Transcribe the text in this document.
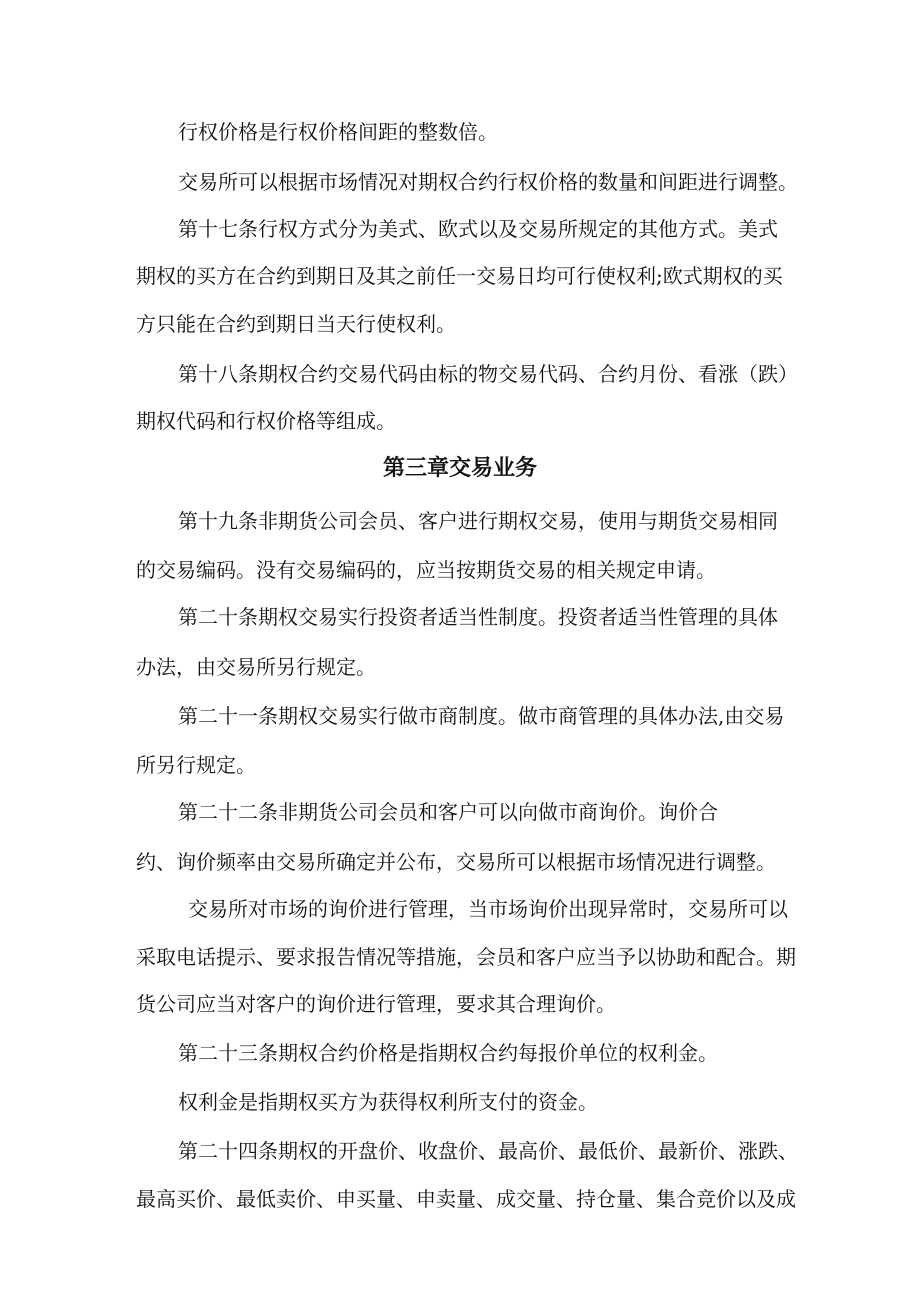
行权价格是行权价格间距的整数倍。
交易所可以根据市场情况对期权合约行权价格的数量和间距进行调整。
第十七条行权方式分为美式、欧式以及交易所规定的其他方式。美式
期权的买方在合约到期日及其之前任一交易日均可行使权利;欧式期权的买
方只能在合约到期日当天行使权利。
第十八条期权合约交易代码由标的物交易代码、合约月份、看涨（跌）
期权代码和行权价格等组成。
第三章交易业务
第十九条非期货公司会员、客户进行期权交易，使用与期货交易相同
的交易编码。没有交易编码的，应当按期货交易的相关规定申请。
第二十条期权交易实行投资者适当性制度。投资者适当性管理的具体
办法，由交易所另行规定。
第二十一条期权交易实行做市商制度。做市商管理的具体办法,由交易
所另行规定。
第二十二条非期货公司会员和客户可以向做市商询价。询价合
约、询价频率由交易所确定并公布，交易所可以根据市场情况进行调整。
交易所对市场的询价进行管理，当市场询价出现异常时，交易所可以
采取电话提示、要求报告情况等措施，会员和客户应当予以协助和配合。期
货公司应当对客户的询价进行管理，要求其合理询价。
第二十三条期权合约价格是指期权合约每报价单位的权利金。
权利金是指期权买方为获得权利所支付的资金。
第二十四条期权的开盘价、收盘价、最高价、最低价、最新价、涨跌、
最高买价、最低卖价、申买量、申卖量、成交量、持仓量、集合竞价以及成
